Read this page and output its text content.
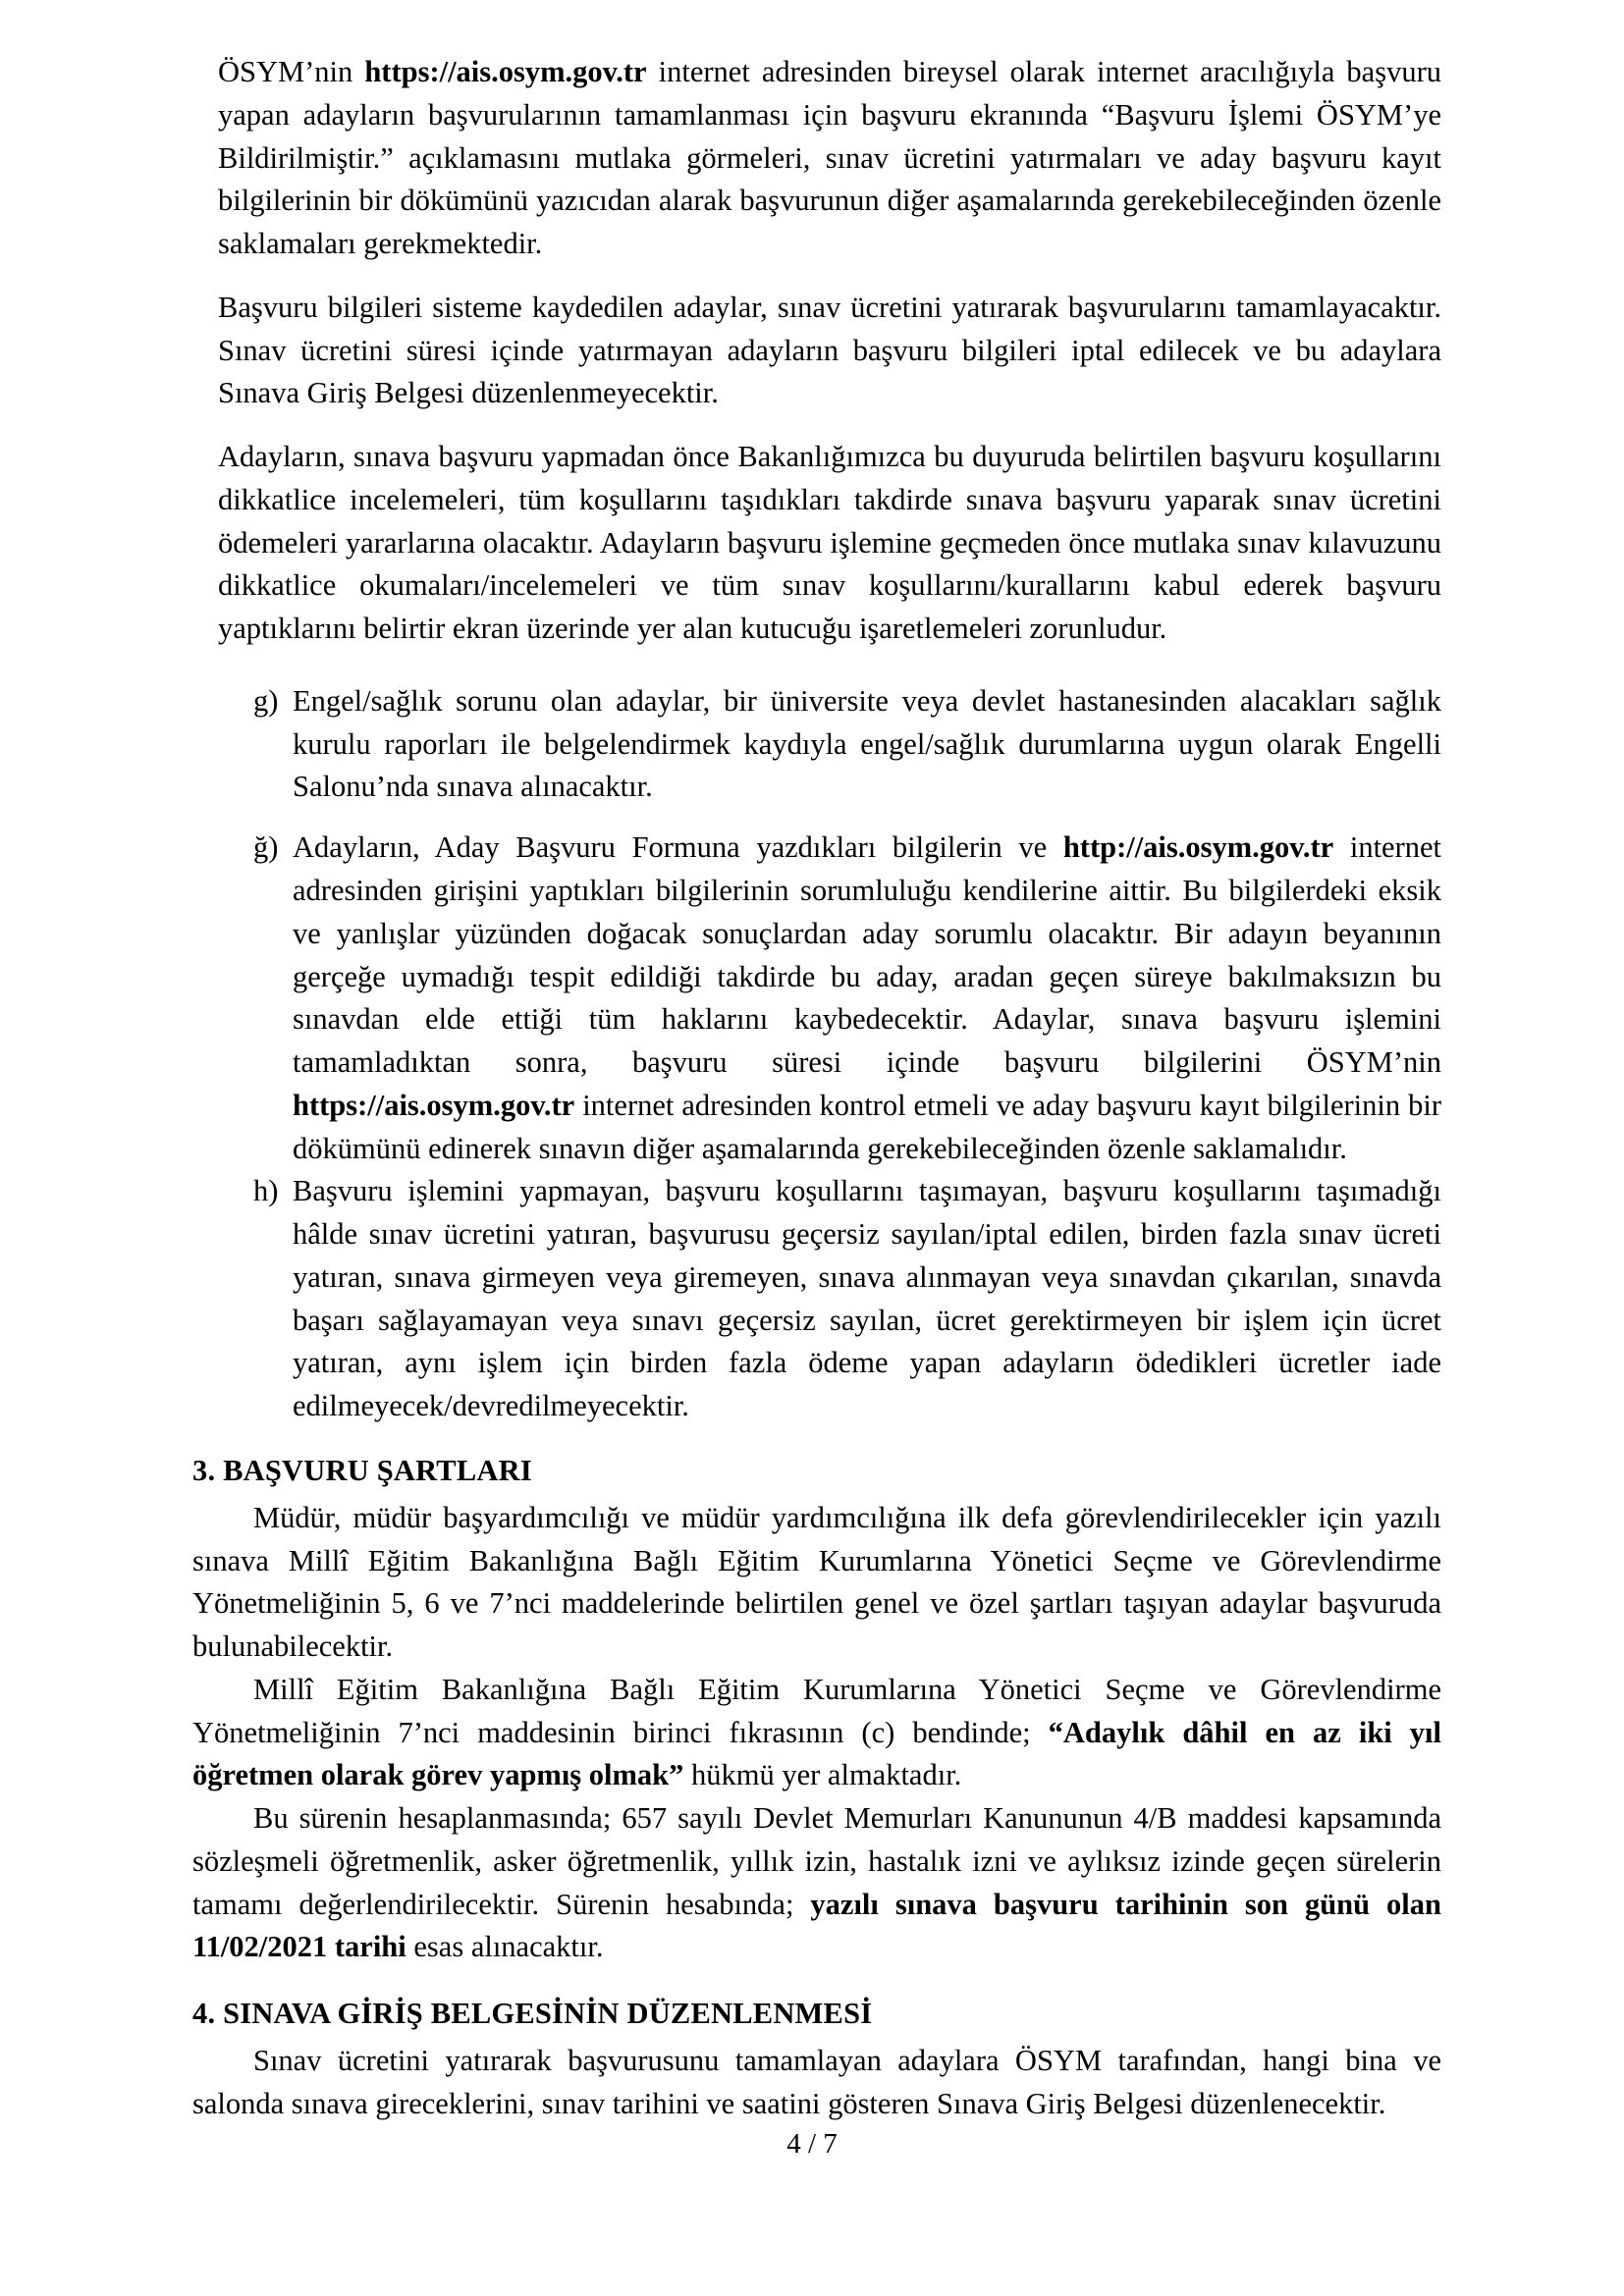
ÖSYM’nin https://ais.osym.gov.tr internet adresinden bireysel olarak internet aracılığıyla başvuru yapan adayların başvurularının tamamlanması için başvuru ekranında “Başvuru İşlemi ÖSYM’ye Bildirilmiştir.” açıklamasını mutlaka görmeleri, sınav ücretini yatırmaları ve aday başvuru kayıt bilgilerinin bir dökümünü yazıcıdan alarak başvurunun diğer aşamalarında gerekebileceğinden özenle saklamaları gerekmektedir.

Başvuru bilgileri sisteme kaydedilen adaylar, sınav ücretini yatırarak başvurularını tamamlayacaktır. Sınav ücretini süresi içinde yatırmayan adayların başvuru bilgileri iptal edilecek ve bu adaylara Sınava Giriş Belgesi düzenlenmeyecektir.

Adayların, sınava başvuru yapmadan önce Bakanlığımızca bu duyuruda belirtilen başvuru koşullarını dikkatlice incelemeleri, tüm koşullarını taşıdıkları takdirde sınava başvuru yaparak sınav ücretini ödemeleri yararlarına olacaktır. Adayların başvuru işlemine geçmeden önce mutlaka sınav kılavuzunu dikkatlice okumaları/incelemeleri ve tüm sınav koşullarını/kurallarını kabul ederek başvuru yaptıklarını belirtir ekran üzerinde yer alan kutucuğu işaretlemeleri zorunludur.

g) Engel/sağlık sorunu olan adaylar, bir üniversite veya devlet hastanesinden alacakları sağlık kurulu raporları ile belgelendirmek kaydıyla engel/sağlık durumlarına uygun olarak Engelli Salonu’nda sınava alınacaktır.

ğ) Adayların, Aday Başvuru Formuna yazdıkları bilgilerin ve http://ais.osym.gov.tr internet adresinden girişini yaptıkları bilgilerinin sorumluluğu kendilerine aittir. Bu bilgilerdeki eksik ve yanlışlar yüzünden doğacak sonuçlardan aday sorumlu olacaktır. Bir adayın beyanının gerçeğe uymadığı tespit edildiği takdirde bu aday, aradan geçen süreye bakılmaksızın bu sınavdan elde ettiği tüm haklarını kaybedecektir. Adaylar, sınava başvuru işlemini tamamladıktan sonra, başvuru süresi içinde başvuru bilgilerini ÖSYM’nin https://ais.osym.gov.tr internet adresinden kontrol etmeli ve aday başvuru kayıt bilgilerinin bir dökümünü edinerek sınavın diğer aşamalarında gerekebileceğinden özenle saklamalıdır.

h) Başvuru işlemini yapmayan, başvuru koşullarını taşımayan, başvuru koşullarını taşımadığı hâlde sınav ücretini yatıran, başvurusu geçersiz sayılan/iptal edilen, birden fazla sınav ücreti yatıran, sınava girmeyen veya giremeyen, sınava alınmayan veya sınavdan çıkarılan, sınavda başarı sağlayamayan veya sınavı geçersiz sayılan, ücret gerektirmeyen bir işlem için ücret yatıran, aynı işlem için birden fazla ödeme yapan adayların ödedikleri ücretler iade edilmeyecek/devredilmeyecektir.

3. BAŞVURU ŞARTLARI

Müdür, müdür başyardımcılığı ve müdür yardımcılığına ilk defa görevlendirilecekler için yazılı sınava Millî Eğitim Bakanlığına Bağlı Eğitim Kurumlarına Yönetici Seçme ve Görevlendirme Yönetmeliğinin 5, 6 ve 7’nci maddelerinde belirtilen genel ve özel şartları taşıyan adaylar başvuruda bulunabilecektir.

Millî Eğitim Bakanlığına Bağlı Eğitim Kurumlarına Yönetici Seçme ve Görevlendirme Yönetmeliğinin 7’nci maddesinin birinci fıkrasının (c) bendinde; “Adaylık dâhil en az iki yıl öğretmen olarak görev yapmış olmak” hükmü yer almaktadır.

Bu sürenin hesaplanmasında; 657 sayılı Devlet Memurları Kanununun 4/B maddesi kapsamında sözleşmeli öğretmenlik, asker öğretmenlik, yıllık izin, hastalık izni ve aylıksız izinde geçen sürelerin tamamı değerlendirilecektir. Sürenin hesabında; yazılı sınava başvuru tarihinin son günü olan 11/02/2021 tarihi esas alınacaktır.

4. SINAVA GİRİŞ BELGESİNİN DÜZENLENMESİ

Sınav ücretini yatırarak başvurusunu tamamlayan adaylara ÖSYM tarafından, hangi bina ve salonda sınava gireceklerini, sınav tarihini ve saatini gösteren Sınava Giriş Belgesi düzenlenecektir.

4 / 7
